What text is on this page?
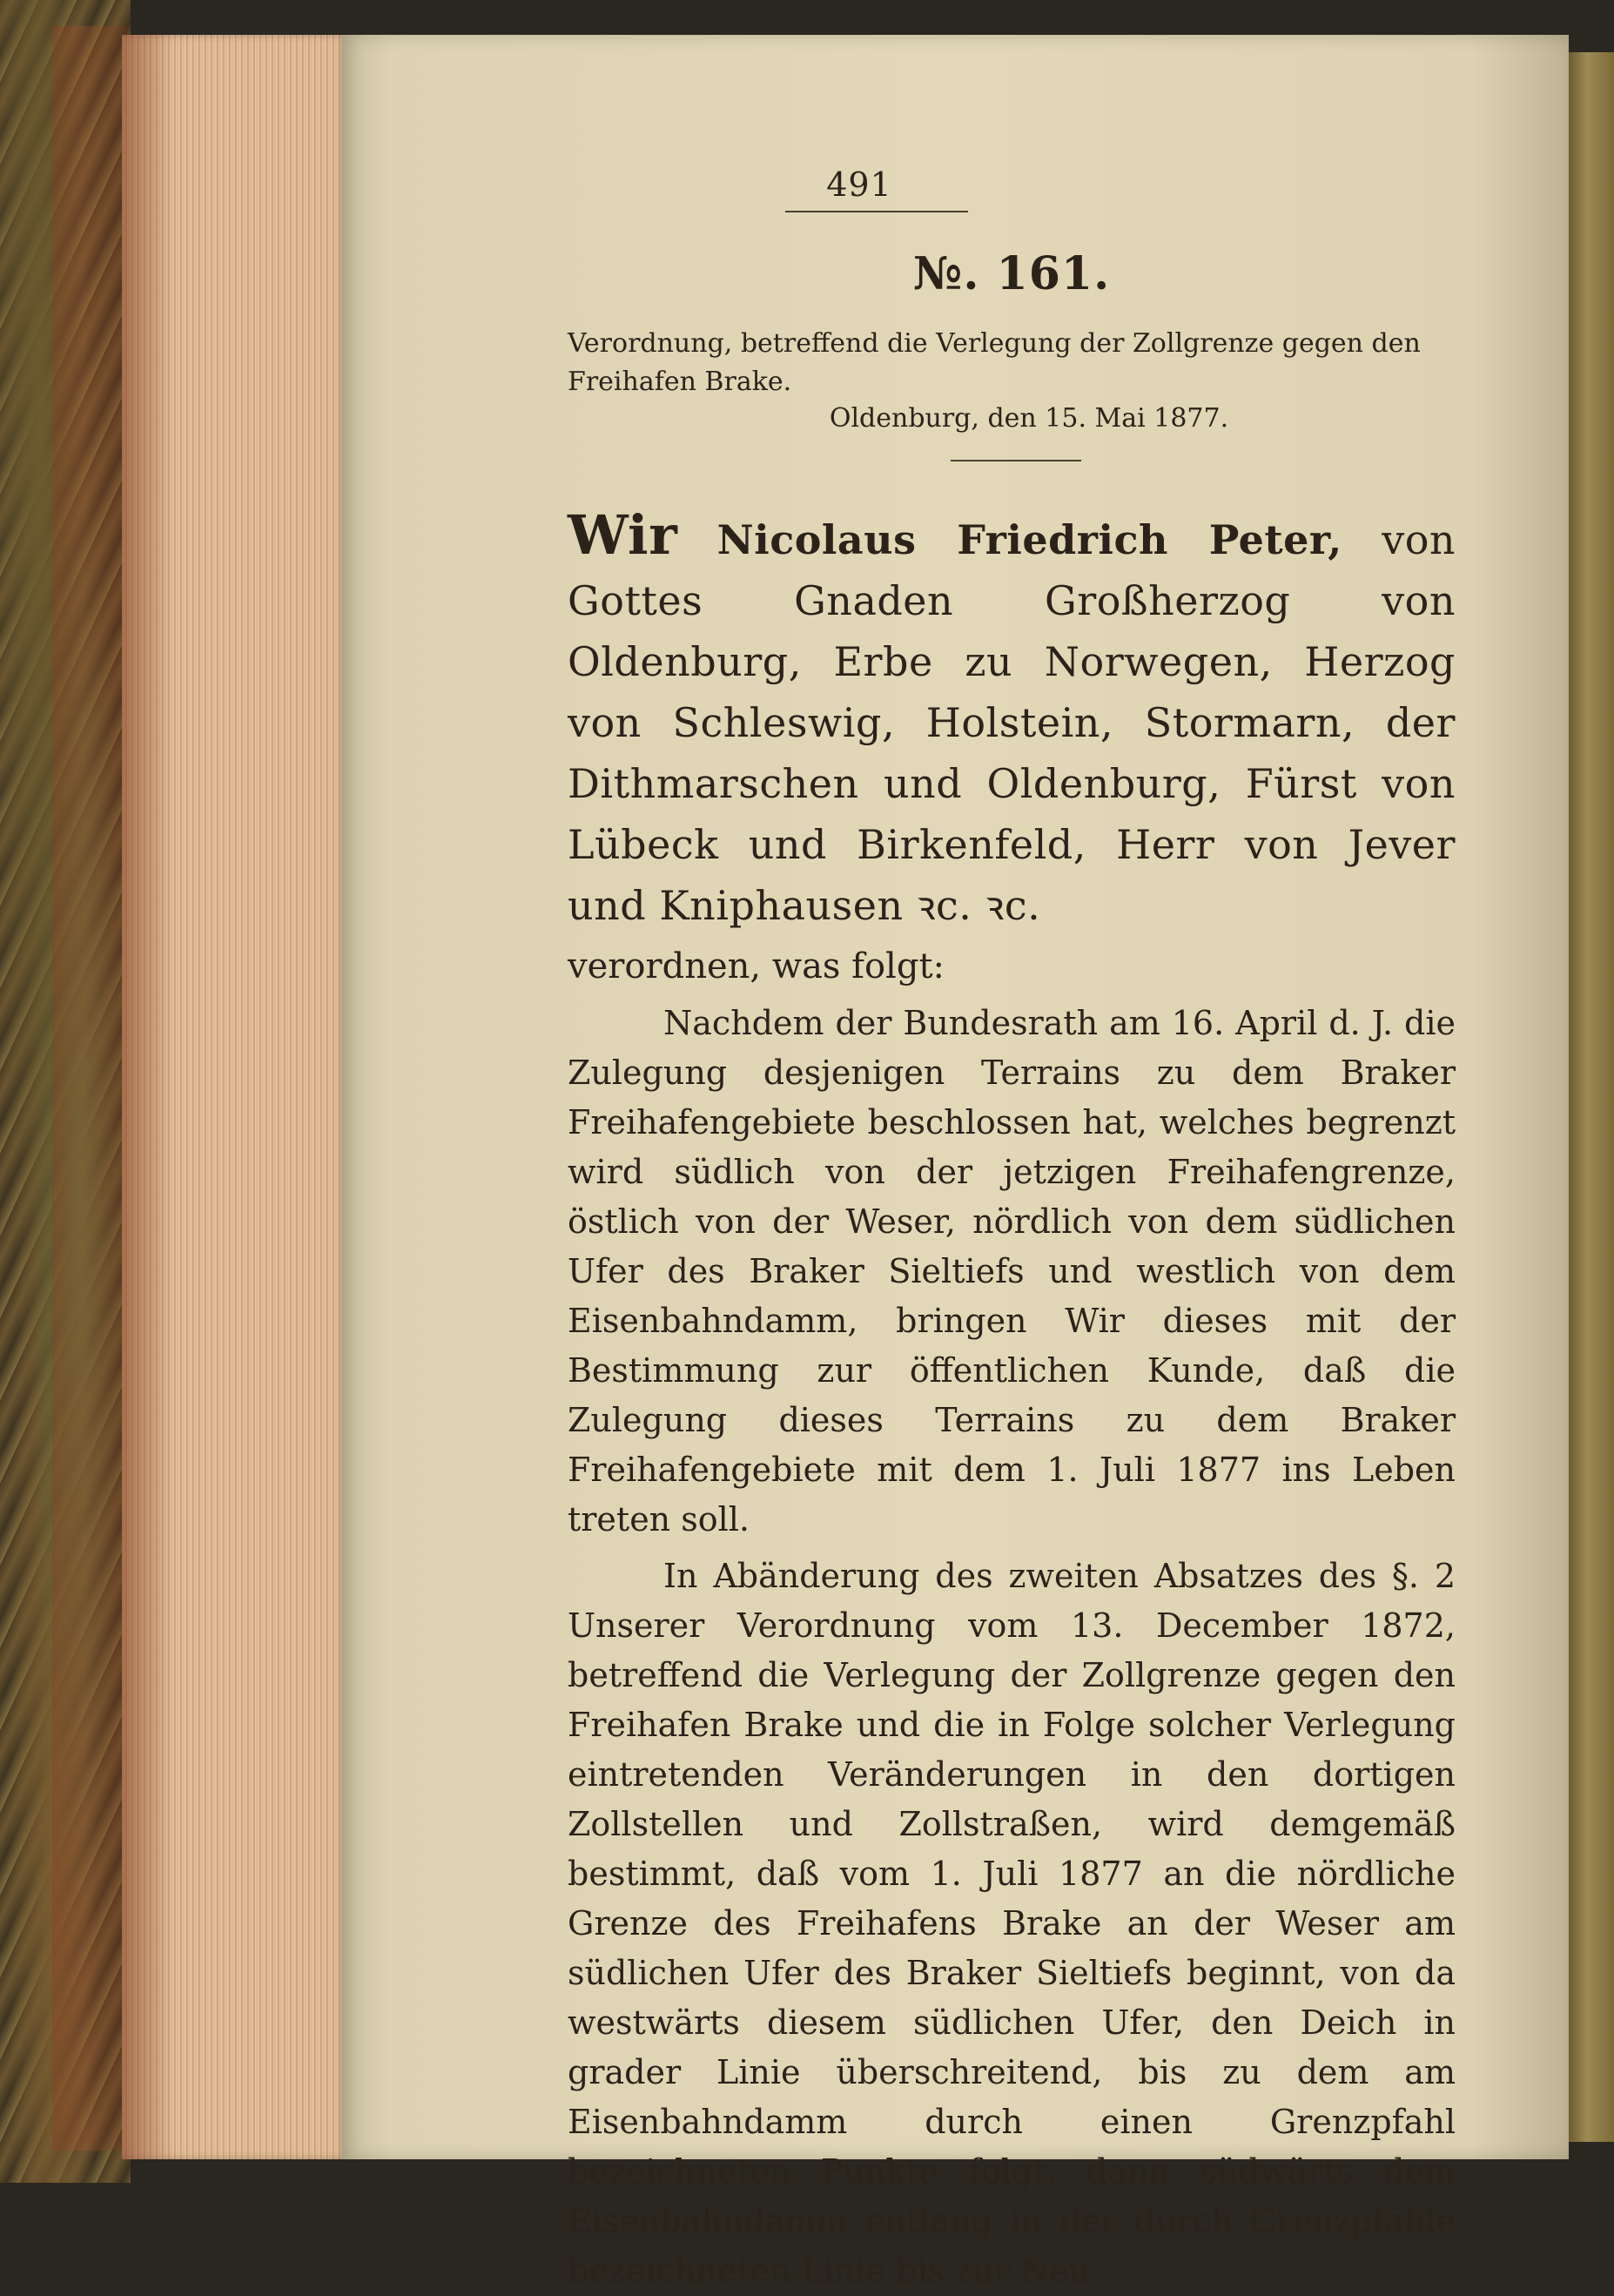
491
№. 161.
Verordnung, betreffend die Verlegung der Zollgrenze gegen den Freihafen Brake.
Oldenburg, den 15. Mai 1877.
Wir Nicolaus Friedrich Peter, von Gottes Gnaden Großherzog von Oldenburg, Erbe zu Norwegen, Herzog von Schleswig, Holstein, Stormarn, der Dithmarschen und Oldenburg, Fürst von Lübeck und Birkenfeld, Herr von Jever und Kniphausen ꝛc. ꝛc.
verordnen, was folgt:
Nachdem der Bundesrath am 16. April d. J. die Zulegung desjenigen Terrains zu dem Braker Freihafengebiete beschlossen hat, welches begrenzt wird südlich von der jetzigen Freihafengrenze, östlich von der Weser, nördlich von dem südlichen Ufer des Braker Sieltiefs und westlich von dem Eisenbahndamm, bringen Wir dieses mit der Bestimmung zur öffentlichen Kunde, daß die Zulegung dieses Terrains zu dem Braker Freihafengebiete mit dem 1. Juli 1877 ins Leben treten soll.
In Abänderung des zweiten Absatzes des §. 2 Unserer Verordnung vom 13. December 1872, betreffend die Verlegung der Zollgrenze gegen den Freihafen Brake und die in Folge solcher Verlegung eintretenden Veränderungen in den dortigen Zollstellen und Zollstraßen, wird demgemäß bestimmt, daß vom 1. Juli 1877 an die nördliche Grenze des Freihafens Brake an der Weser am südlichen Ufer des Braker Sieltiefs beginnt, von da westwärts diesem südlichen Ufer, den Deich in grader Linie überschreitend, bis zu dem am Eisenbahndamm durch einen Grenzpfahl bezeichneten Punkte folgt, dann südwärts dem Eisenbahndamm entlang in der durch Grenzpfähle bezeichneten Linie bis zur Neu-
